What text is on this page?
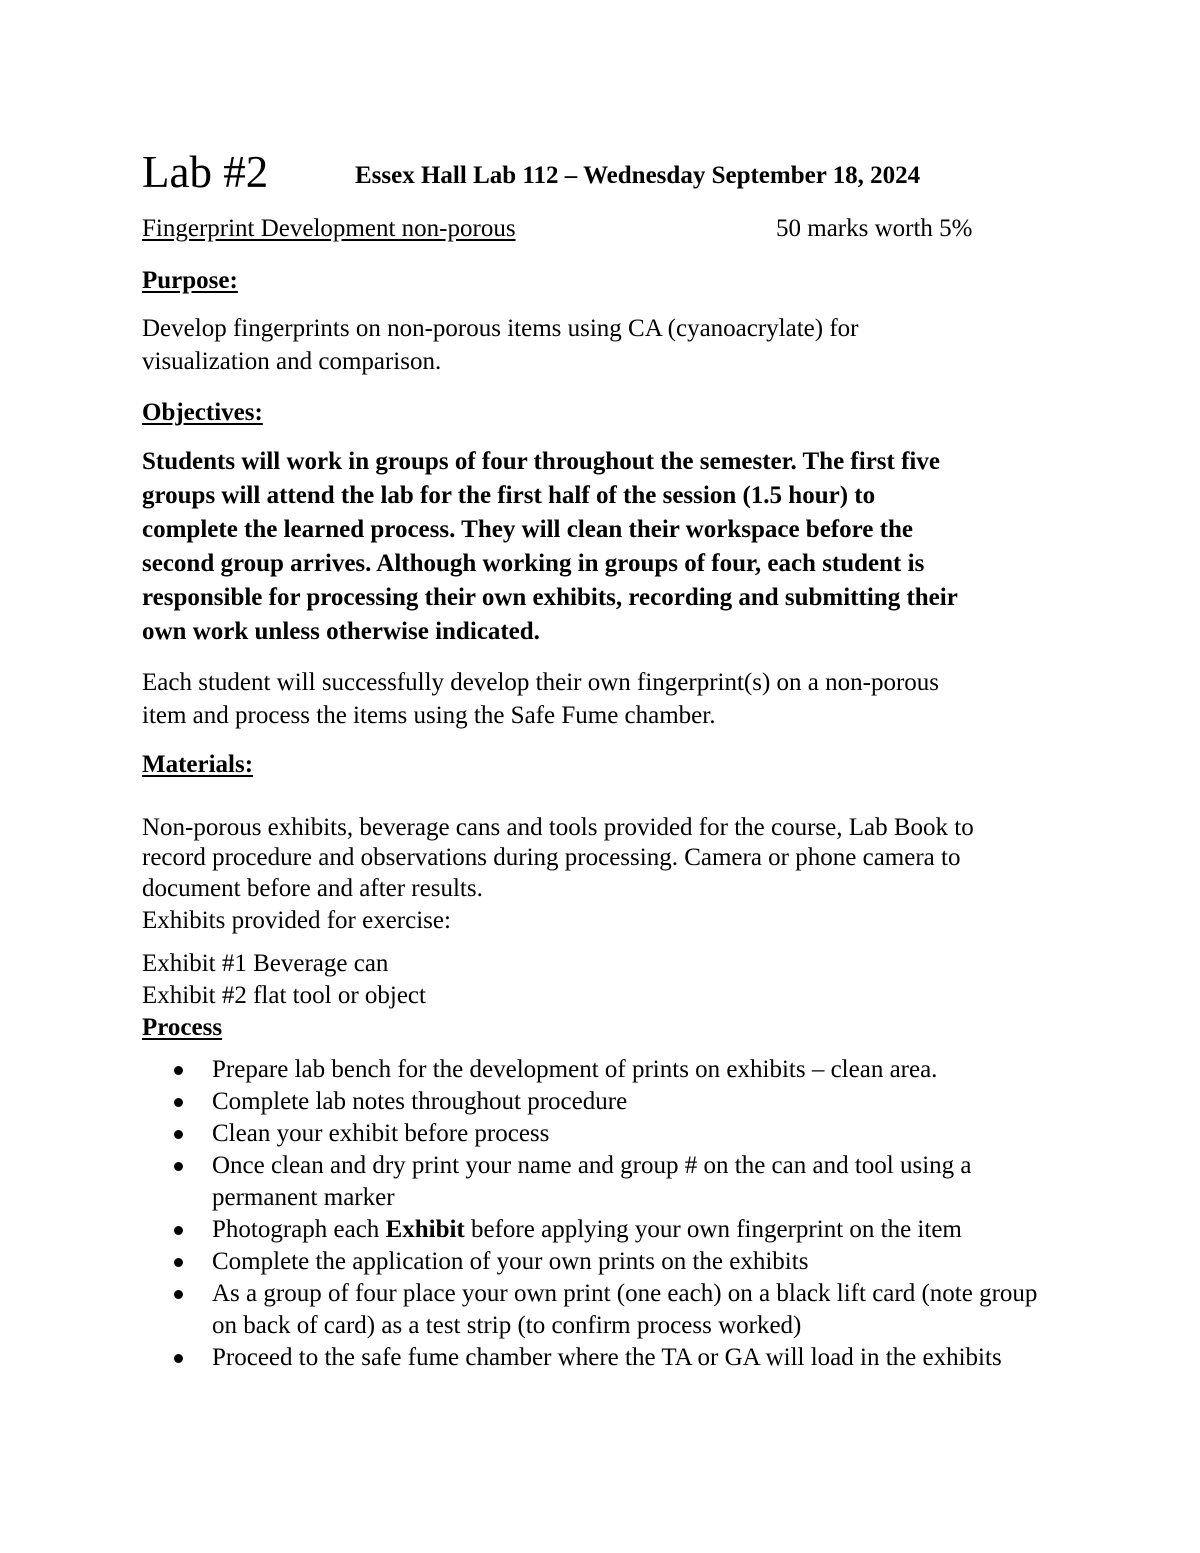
Lab #2	Essex Hall Lab 112 – Wednesday September 18, 2024
Fingerprint Development non-porous	50 marks worth 5%
Purpose:
Develop fingerprints on non-porous items using CA (cyanoacrylate) for
visualization and comparison.
Objectives:
Students will work in groups of four throughout the semester. The first five
groups will attend the lab for the first half of the session (1.5 hour) to
complete the learned process. They will clean their workspace before the
second group arrives. Although working in groups of four, each student is
responsible for processing their own exhibits, recording and submitting their
own work unless otherwise indicated.
Each student will successfully develop their own fingerprint(s) on a non-porous
item and process the items using the Safe Fume chamber.
Materials:
Non-porous exhibits, beverage cans and tools provided for the course, Lab Book to
record procedure and observations during processing. Camera or phone camera to
document before and after results.
Exhibits provided for exercise:
Exhibit #1 Beverage can
Exhibit #2 flat tool or object
Process
Prepare lab bench for the development of prints on exhibits – clean area.
Complete lab notes throughout procedure
Clean your exhibit before process
Once clean and dry print your name and group # on the can and tool using a permanent marker
Photograph each Exhibit before applying your own fingerprint on the item
Complete the application of your own prints on the exhibits
As a group of four place your own print (one each) on a black lift card (note group on back of card) as a test strip (to confirm process worked)
Proceed to the safe fume chamber where the TA or GA will load in the exhibits
